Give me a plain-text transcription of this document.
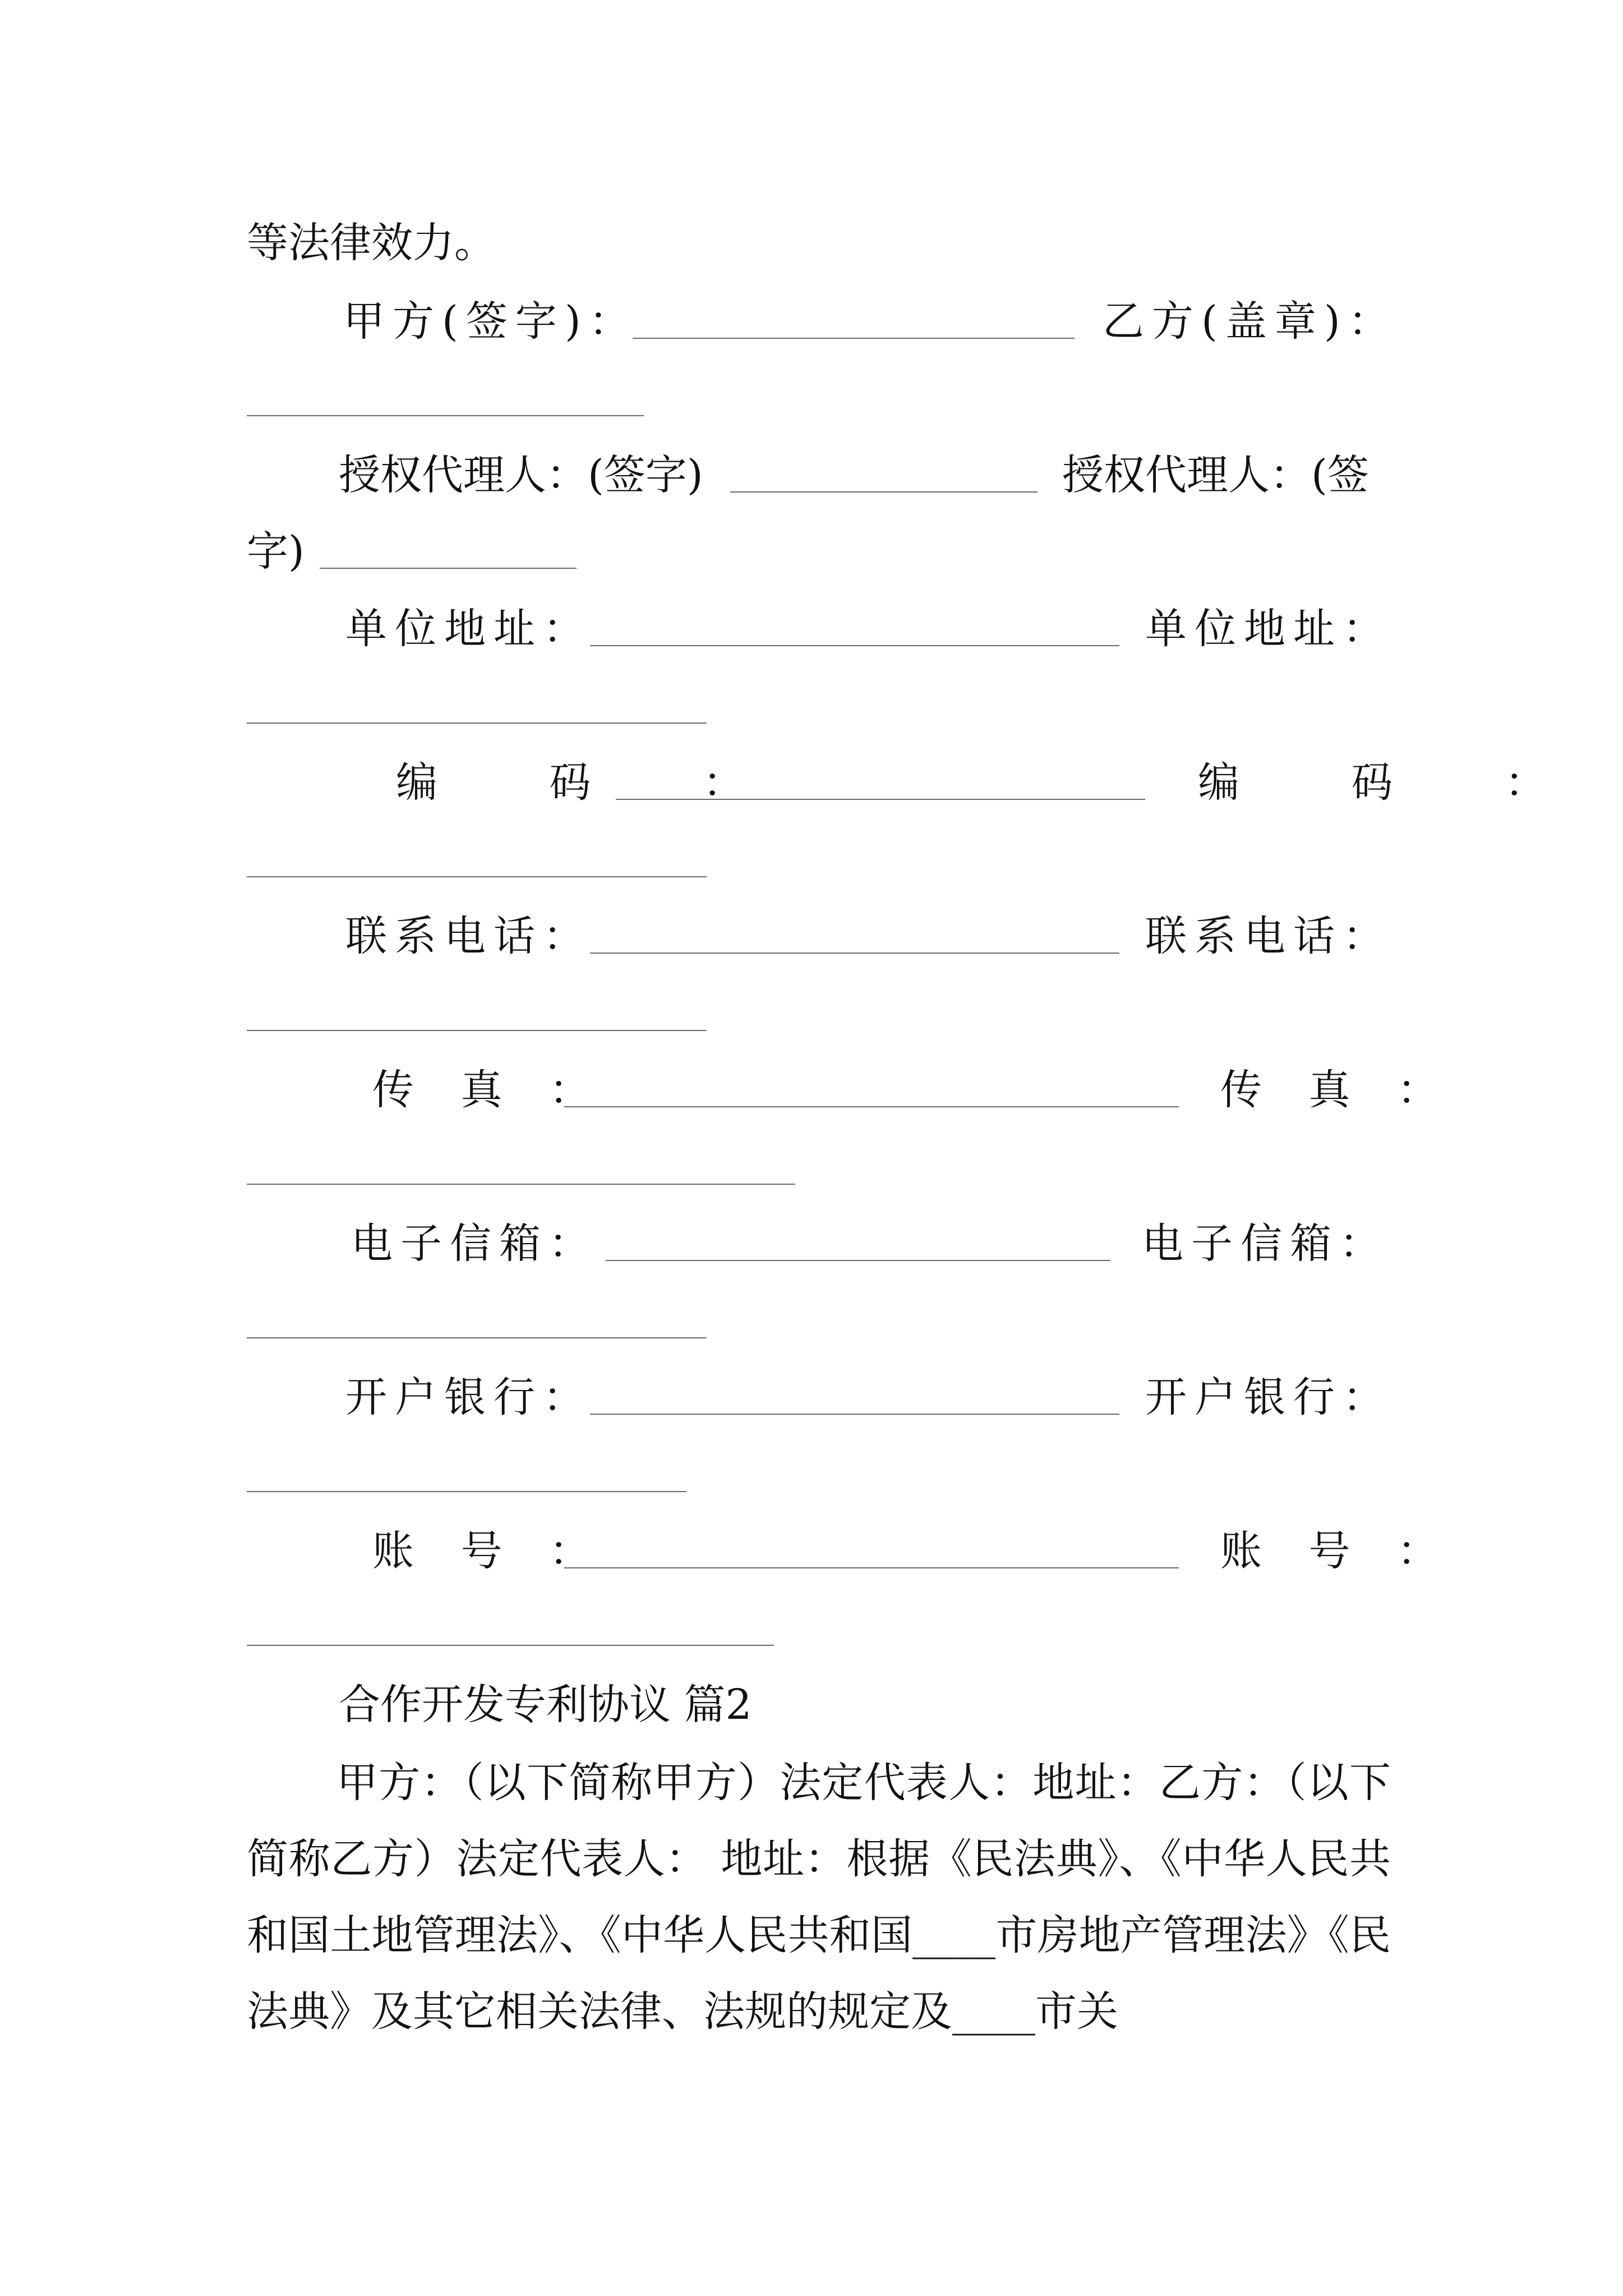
等法律效力。
甲方(签字)：	乙方(盖章)：
授权代理人：(签字)	授权代理人：(签
字)
单位地址：	单位地址：
编 码 ：	编 码 ：
联系电话：	联系电话：
传 真 ：	传 真 ：
电子信箱：	电子信箱：
开户银行：	开户银行：
账 号 ：	账 号 ：
合作开发专利协议 篇2
甲方：（以下简称甲方）法定代表人：地址：乙方：（以下简称乙方）法定代表人： 地址：根据《民法典》、《中华人民共和国土地管理法》、《中华人民共和国____市房地产管理法》《民法典》及其它相关法律、法规的规定及____市关
